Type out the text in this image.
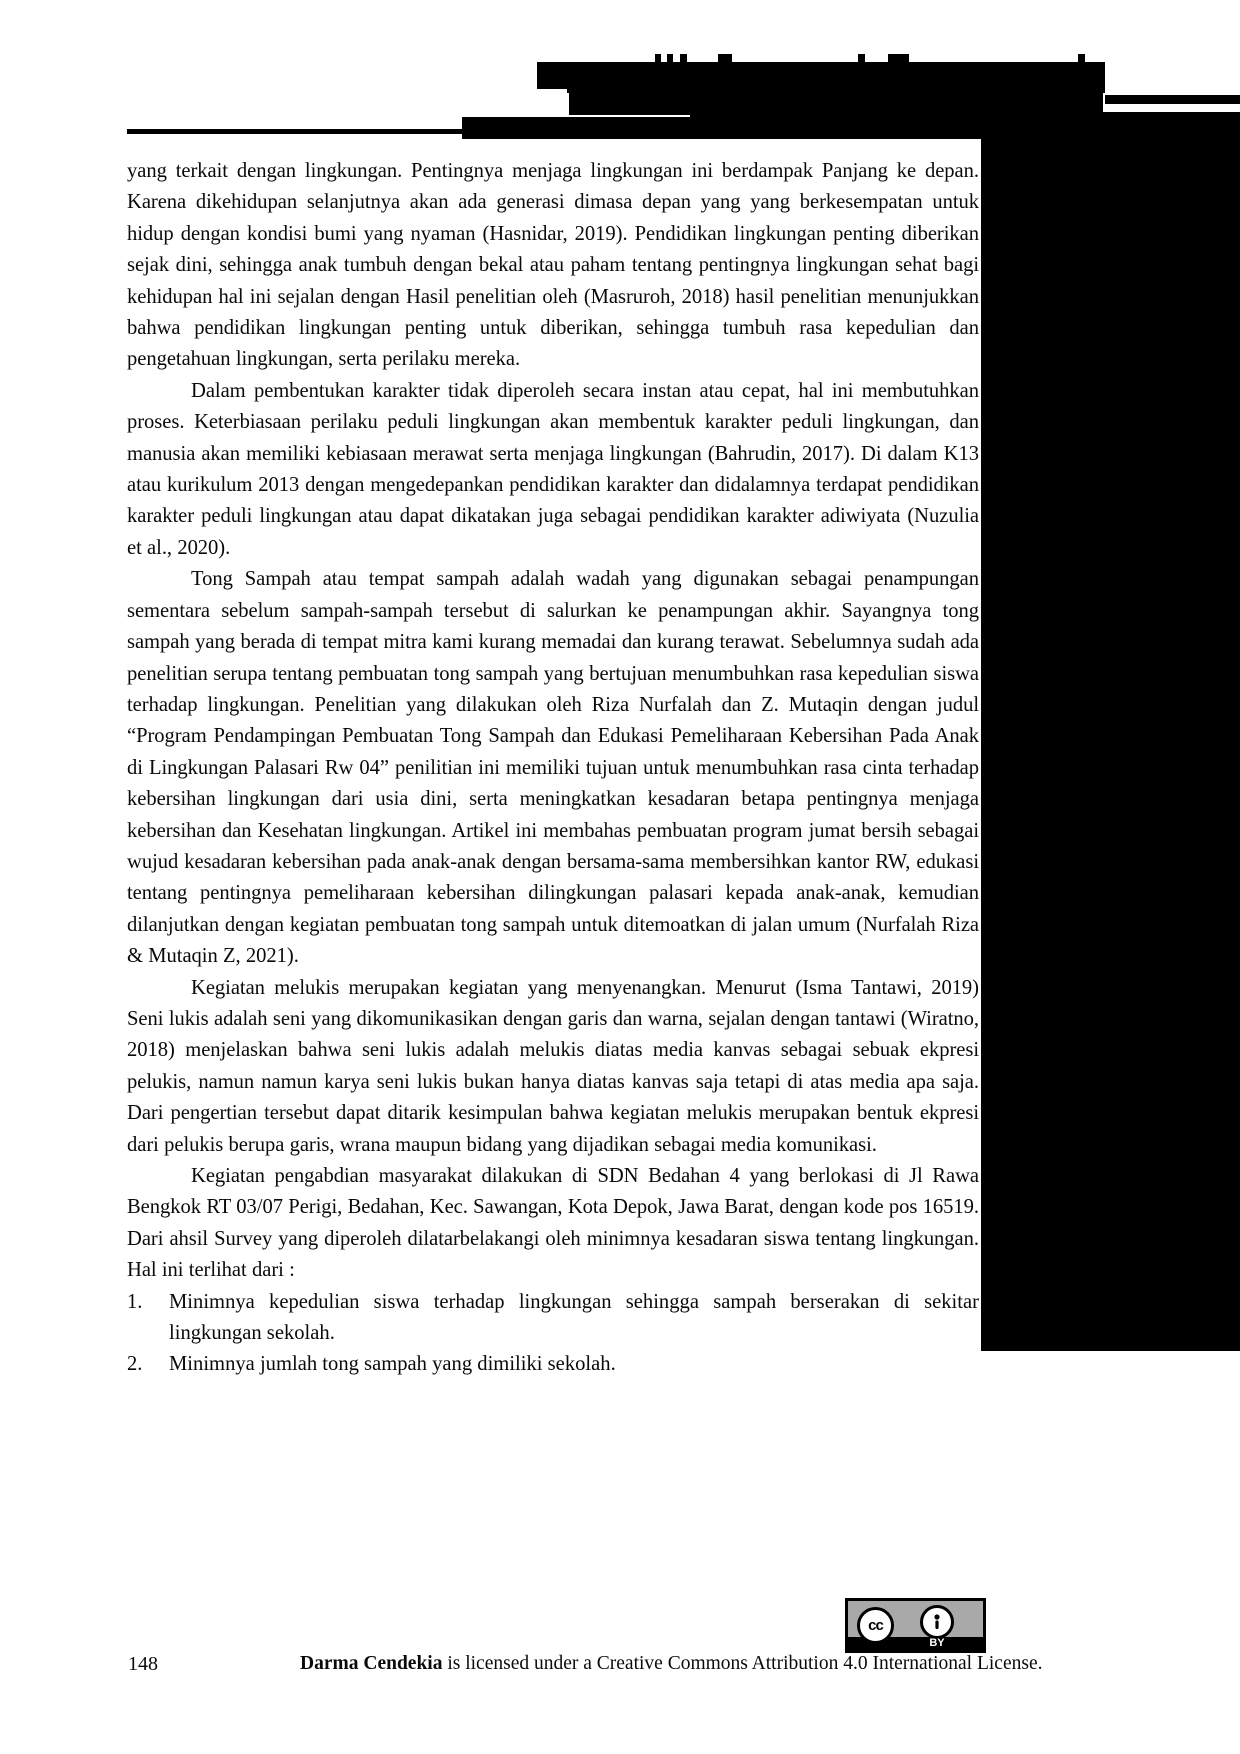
yang terkait dengan lingkungan. Pentingnya menjaga lingkungan ini berdampak Panjang ke depan. Karena dikehidupan selanjutnya akan ada generasi dimasa depan yang yang berkesempatan untuk hidup dengan kondisi bumi yang nyaman (Hasnidar, 2019). Pendidikan lingkungan penting diberikan sejak dini, sehingga anak tumbuh dengan bekal atau paham tentang pentingnya lingkungan sehat bagi kehidupan hal ini sejalan dengan Hasil penelitian oleh (Masruroh, 2018) hasil penelitian menunjukkan bahwa pendidikan lingkungan penting untuk diberikan, sehingga tumbuh rasa kepedulian dan pengetahuan lingkungan, serta perilaku mereka.

Dalam pembentukan karakter tidak diperoleh secara instan atau cepat, hal ini membutuhkan proses. Keterbiasaan perilaku peduli lingkungan akan membentuk karakter peduli lingkungan, dan manusia akan memiliki kebiasaan merawat serta menjaga lingkungan (Bahrudin, 2017). Di dalam K13 atau kurikulum 2013 dengan mengedepankan pendidikan karakter dan didalamnya terdapat pendidikan karakter peduli lingkungan atau dapat dikatakan juga sebagai pendidikan karakter adiwiyata (Nuzulia et al., 2020).

Tong Sampah atau tempat sampah adalah wadah yang digunakan sebagai penampungan sementara sebelum sampah-sampah tersebut di salurkan ke penampungan akhir. Sayangnya tong sampah yang berada di tempat mitra kami kurang memadai dan kurang terawat. Sebelumnya sudah ada penelitian serupa tentang pembuatan tong sampah yang bertujuan menumbuhkan rasa kepedulian siswa terhadap lingkungan. Penelitian yang dilakukan oleh Riza Nurfalah dan Z. Mutaqin dengan judul “Program Pendampingan Pembuatan Tong Sampah dan Edukasi Pemeliharaan Kebersihan Pada Anak di Lingkungan Palasari Rw 04” penilitian ini memiliki tujuan untuk menumbuhkan rasa cinta terhadap kebersihan lingkungan dari usia dini, serta meningkatkan kesadaran betapa pentingnya menjaga kebersihan dan Kesehatan lingkungan. Artikel ini membahas pembuatan program jumat bersih sebagai wujud kesadaran kebersihan pada anak-anak dengan bersama-sama membersihkan kantor RW, edukasi tentang pentingnya pemeliharaan kebersihan dilingkungan palasari kepada anak-anak, kemudian dilanjutkan dengan kegiatan pembuatan tong sampah untuk ditemoatkan di jalan umum (Nurfalah Riza & Mutaqin Z, 2021).

Kegiatan melukis merupakan kegiatan yang menyenangkan. Menurut (Isma Tantawi, 2019) Seni lukis adalah seni yang dikomunikasikan dengan garis dan warna, sejalan dengan tantawi (Wiratno, 2018) menjelaskan bahwa seni lukis adalah melukis diatas media kanvas sebagai sebuak ekpresi pelukis, namun namun karya seni lukis bukan hanya diatas kanvas saja tetapi di atas media apa saja. Dari pengertian tersebut dapat ditarik kesimpulan bahwa kegiatan melukis merupakan bentuk ekpresi dari pelukis berupa garis, wrana maupun bidang yang dijadikan sebagai media komunikasi.

Kegiatan pengabdian masyarakat dilakukan di SDN Bedahan 4 yang berlokasi di Jl Rawa Bengkok RT 03/07 Perigi, Bedahan, Kec. Sawangan, Kota Depok, Jawa Barat, dengan kode pos 16519. Dari ahsil Survey yang diperoleh dilatarbelakangi oleh minimnya kesadaran siswa tentang lingkungan. Hal ini terlihat dari :

1.	Minimnya kepedulian siswa terhadap lingkungan sehingga sampah berserakan di sekitar lingkungan sekolah.
2.	Minimnya jumlah tong sampah yang dimiliki sekolah.
cc
BY
148	Darma Cendekia is licensed under a Creative Commons Attribution 4.0 International License.
